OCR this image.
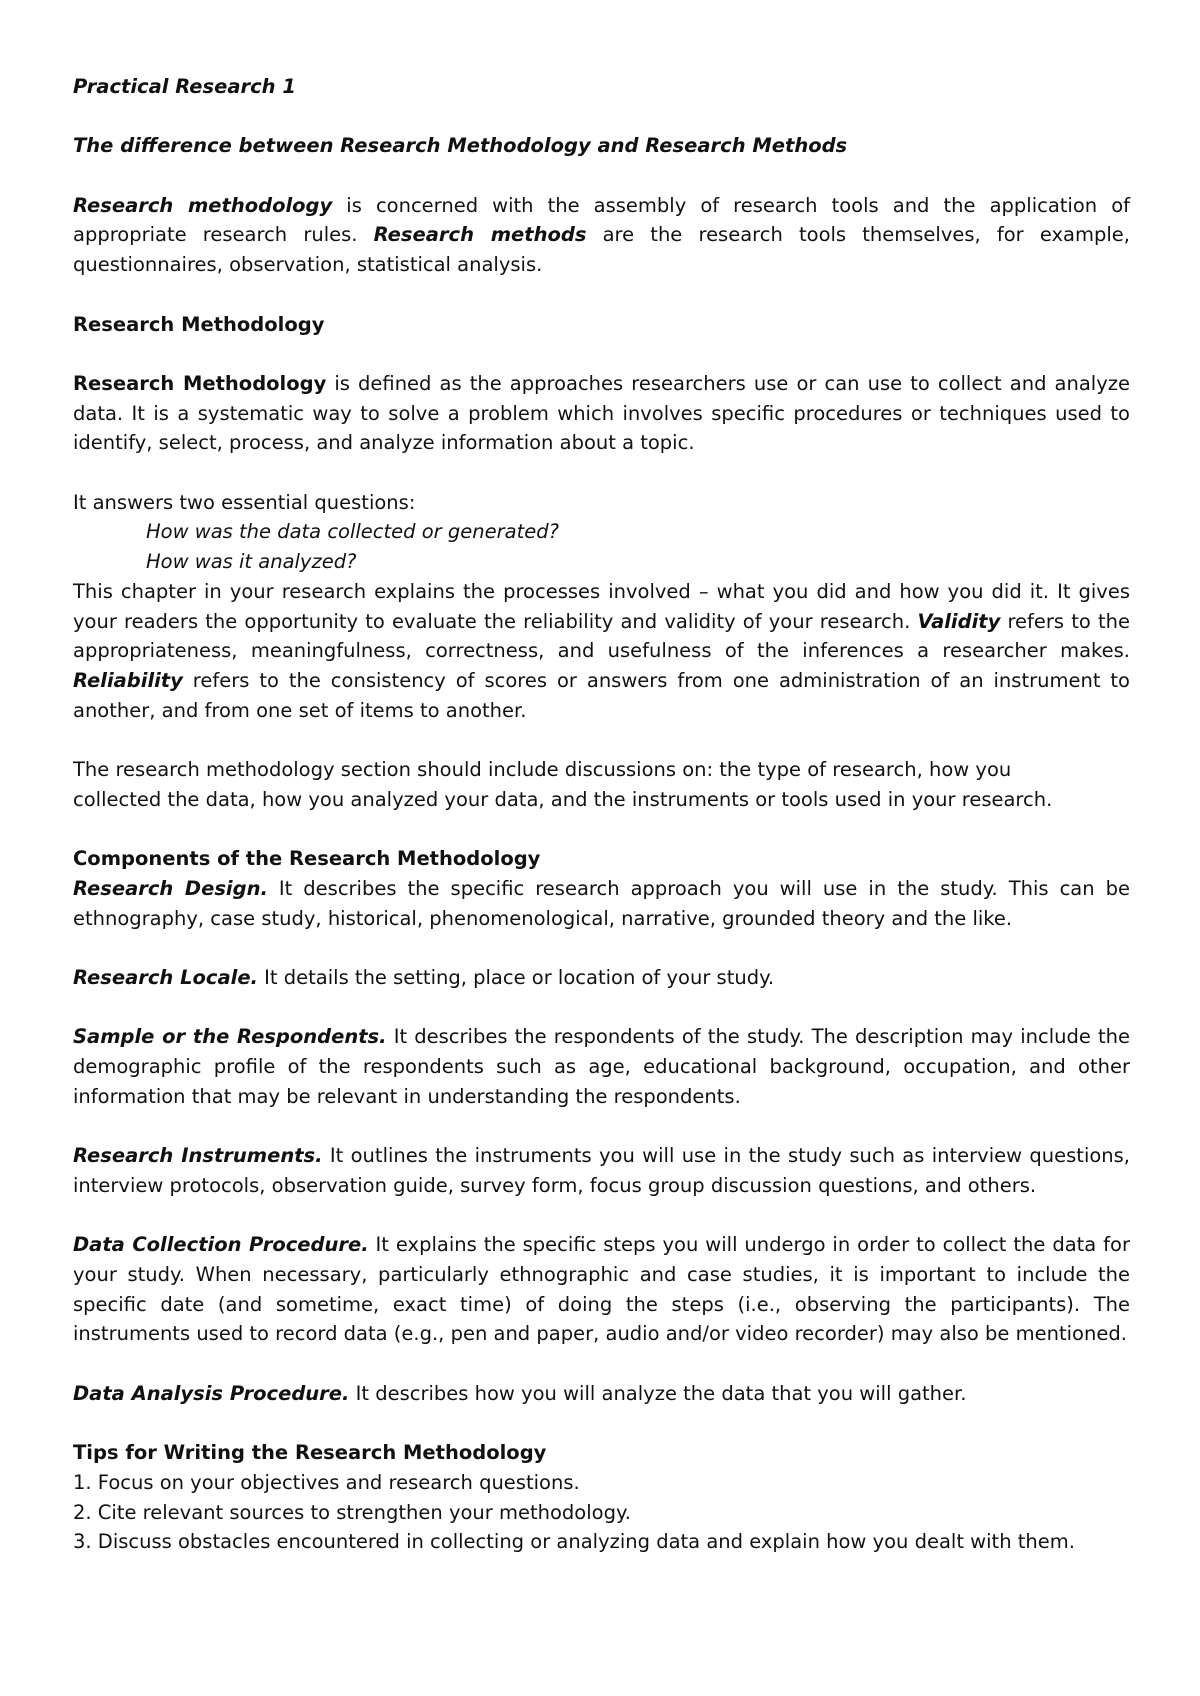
Practical Research 1

The difference between Research Methodology and Research Methods

Research methodology is concerned with the assembly of research tools and the application of appropriate research rules. Research methods are the research tools themselves, for example, questionnaires, observation, statistical analysis.

Research Methodology

Research Methodology is defined as the approaches researchers use or can use to collect and analyze data. It is a systematic way to solve a problem which involves specific procedures or techniques used to identify, select, process, and analyze information about a topic.

It answers two essential questions:

How was the data collected or generated?

How was it analyzed?

This chapter in your research explains the processes involved – what you did and how you did it. It gives your readers the opportunity to evaluate the reliability and validity of your research. Validity refers to the appropriateness, meaningfulness, correctness, and usefulness of the inferences a researcher makes. Reliability refers to the consistency of scores or answers from one administration of an instrument to another, and from one set of items to another.

The research methodology section should include discussions on: the type of research, how you

collected the data, how you analyzed your data, and the instruments or tools used in your research.

Components of the Research Methodology

Research Design. It describes the specific research approach you will use in the study. This can be ethnography, case study, historical, phenomenological, narrative, grounded theory and the like.

Research Locale. It details the setting, place or location of your study.

Sample or the Respondents. It describes the respondents of the study. The description may include the demographic profile of the respondents such as age, educational background, occupation, and other information that may be relevant in understanding the respondents.

Research Instruments. It outlines the instruments you will use in the study such as interview questions, interview protocols, observation guide, survey form, focus group discussion questions, and others.

Data Collection Procedure. It explains the specific steps you will undergo in order to collect the data for your study. When necessary, particularly ethnographic and case studies, it is important to include the specific date (and sometime, exact time) of doing the steps (i.e., observing the participants). The instruments used to record data (e.g., pen and paper, audio and/or video recorder) may also be mentioned.

Data Analysis Procedure. It describes how you will analyze the data that you will gather.

Tips for Writing the Research Methodology

1. Focus on your objectives and research questions.

2. Cite relevant sources to strengthen your methodology.

3. Discuss obstacles encountered in collecting or analyzing data and explain how you dealt with them.
